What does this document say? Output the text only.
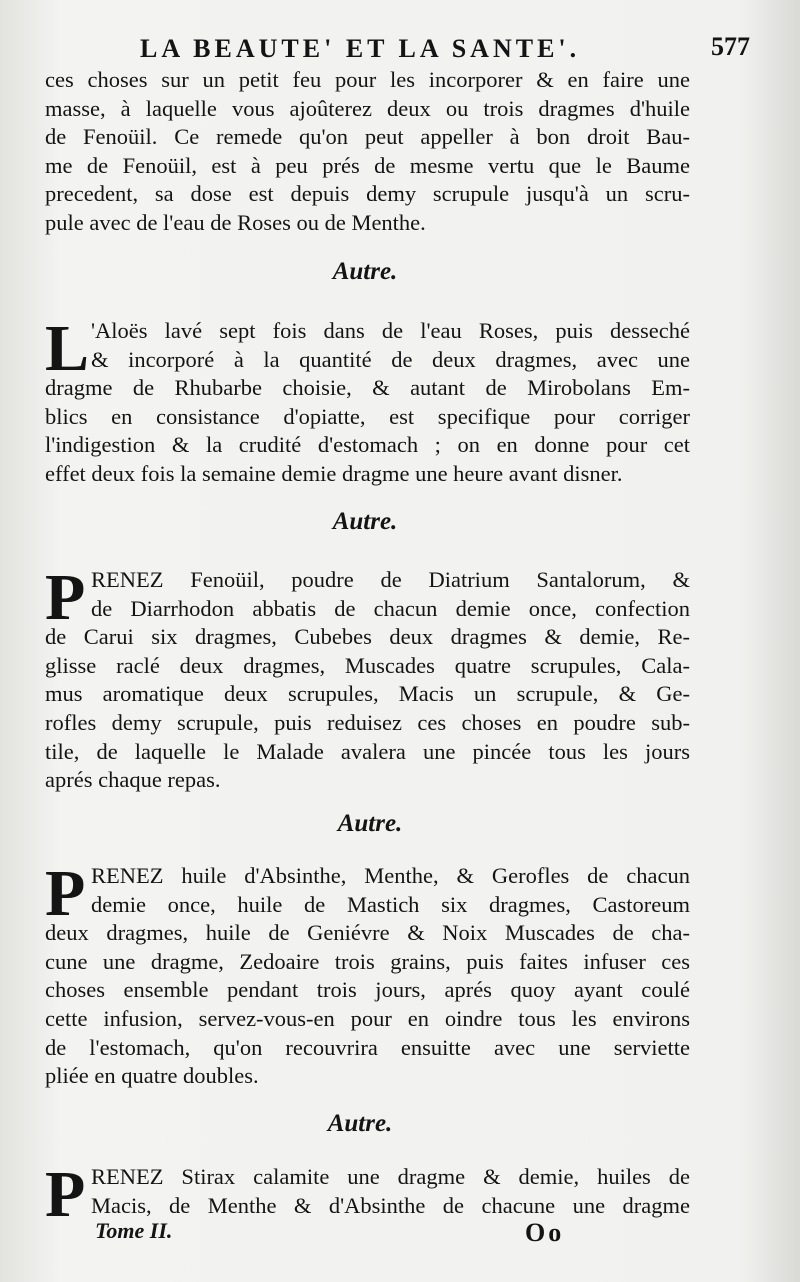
LA BEAUTE' ET LA SANTE'.	577
ces choses sur un petit feu pour les incorporer & en faire une
masse, à laquelle vous ajoûterez deux ou trois dragmes d'huile
de Fenoüil. Ce remede qu'on peut appeller à bon droit Bau-
me de Fenoüil, est à peu prés de mesme vertu que le Baume
precedent, sa dose est depuis demy scrupule jusqu'à un scru-
pule avec de l'eau de Roses ou de Menthe.
Autre.
L 'Aloës lavé sept fois dans de l'eau Roses, puis desseché
& incorporé à la quantité de deux dragmes, avec une
dragme de Rhubarbe choisie, & autant de Mirobolans Em-
blics en consistance d'opiatte, est specifique pour corriger
l'indigestion & la crudité d'estomach ; on en donne pour cet
effet deux fois la semaine demie dragme une heure avant disner.
Autre.
P RENEZ Fenoüil, poudre de Diatrium Santalorum, &
de Diarrhodon abbatis de chacun demie once, confection
de Carui six dragmes, Cubebes deux dragmes & demie, Re-
glisse raclé deux dragmes, Muscades quatre scrupules, Cala-
mus aromatique deux scrupules, Macis un scrupule, & Ge-
rofles demy scrupule, puis reduisez ces choses en poudre sub-
tile, de laquelle le Malade avalera une pincée tous les jours
aprés chaque repas.
Autre.
P RENEZ huile d'Absinthe, Menthe, & Gerofles de chacun
demie once, huile de Mastich six dragmes, Castoreum
deux dragmes, huile de Geniévre & Noix Muscades de cha-
cune une dragme, Zedoaire trois grains, puis faites infuser ces
choses ensemble pendant trois jours, aprés quoy ayant coulé
cette infusion, servez-vous-en pour en oindre tous les environs
de l'estomach, qu'on recouvrira ensuitte avec une serviette
pliée en quatre doubles.
Autre.
P RENEZ Stirax calamite une dragme & demie, huiles de
Macis, de Menthe & d'Absinthe de chacune une dragme
Tome II.	Oo
